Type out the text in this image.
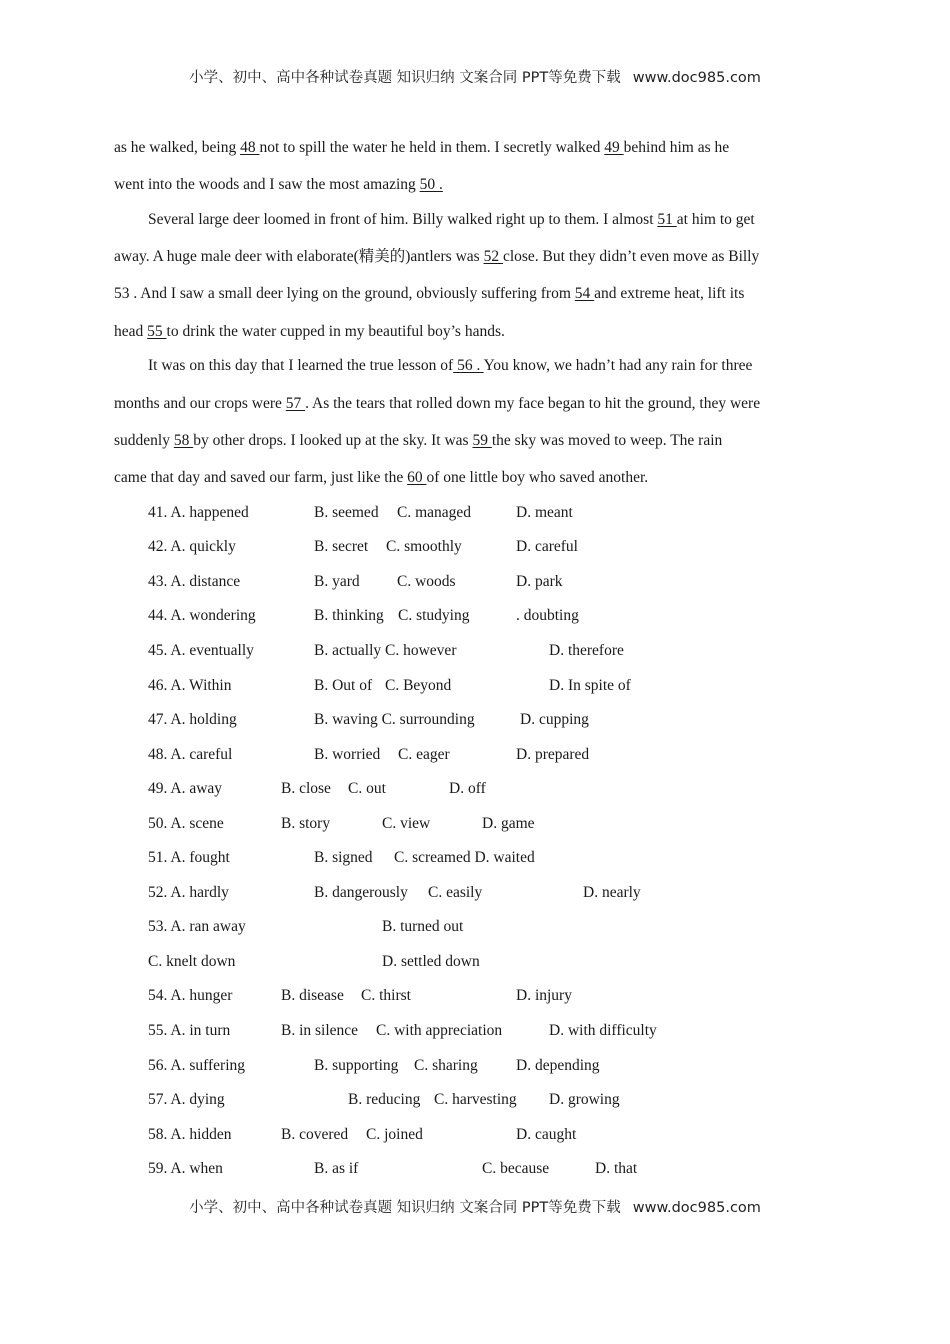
小学、初中、高中各种试卷真题 知识归纳 文案合同 PPT等免费下载 www.doc985.com
as he walked, being 48 not to spill the water he held in them. I secretly walked 49 behind him as he
went into the woods and I saw the most amazing 50 .
Several large deer loomed in front of him. Billy walked right up to them. I almost 51 at him to get
away. A huge male deer with elaborate(精美的)antlers was 52 close. But they didn’t even move as Billy
53 . And I saw a small deer lying on the ground, obviously suffering from 54 and extreme heat, lift its
head 55 to drink the water cupped in my beautiful boy’s hands.
It was on this day that I learned the true lesson of 56 . You know, we hadn’t had any rain for three
months and our crops were 57 . As the tears that rolled down my face began to hit the ground, they were
suddenly 58 by other drops. I looked up at the sky. It was 59 the sky was moved to weep. The rain
came that day and saved our farm, just like the 60 of one little boy who saved another.
41. A. happened	B. seemed C. managed	D. meant
42. A. quickly	B. secret C. smoothly	D. careful
43. A. distance	B. yard C. woods	D. park
44. A. wondering	B. thinking C. studying	. doubting
45. A. eventually	B. actually C. however	D. therefore
46. A. Within	B. Out of C. Beyond	D. In spite of
47. A. holding	B. waving C. surrounding	D. cupping
48. A. careful	B. worried C. eager	D. prepared
49. A. away	B. close C. out	D. off
50. A. scene	B. story	C. view	D. game
51. A. fought	B. signed C. screamed D. waited
52. A. hardly	B. dangerously C. easily	D. nearly
53. A. ran away	B. turned out
C. knelt down	D. settled down
54. A. hunger	B. disease C. thirst	D. injury
55. A. in turn	B. in silence C. with appreciation	D. with difficulty
56. A. suffering	B. supporting C. sharing D. depending
57. A. dying	B. reducing C. harvesting D. growing
58. A. hidden	B. covered C. joined	D. caught
59. A. when	B. as if	C. because	D. that
小学、初中、高中各种试卷真题 知识归纳 文案合同 PPT等免费下载 www.doc985.com
